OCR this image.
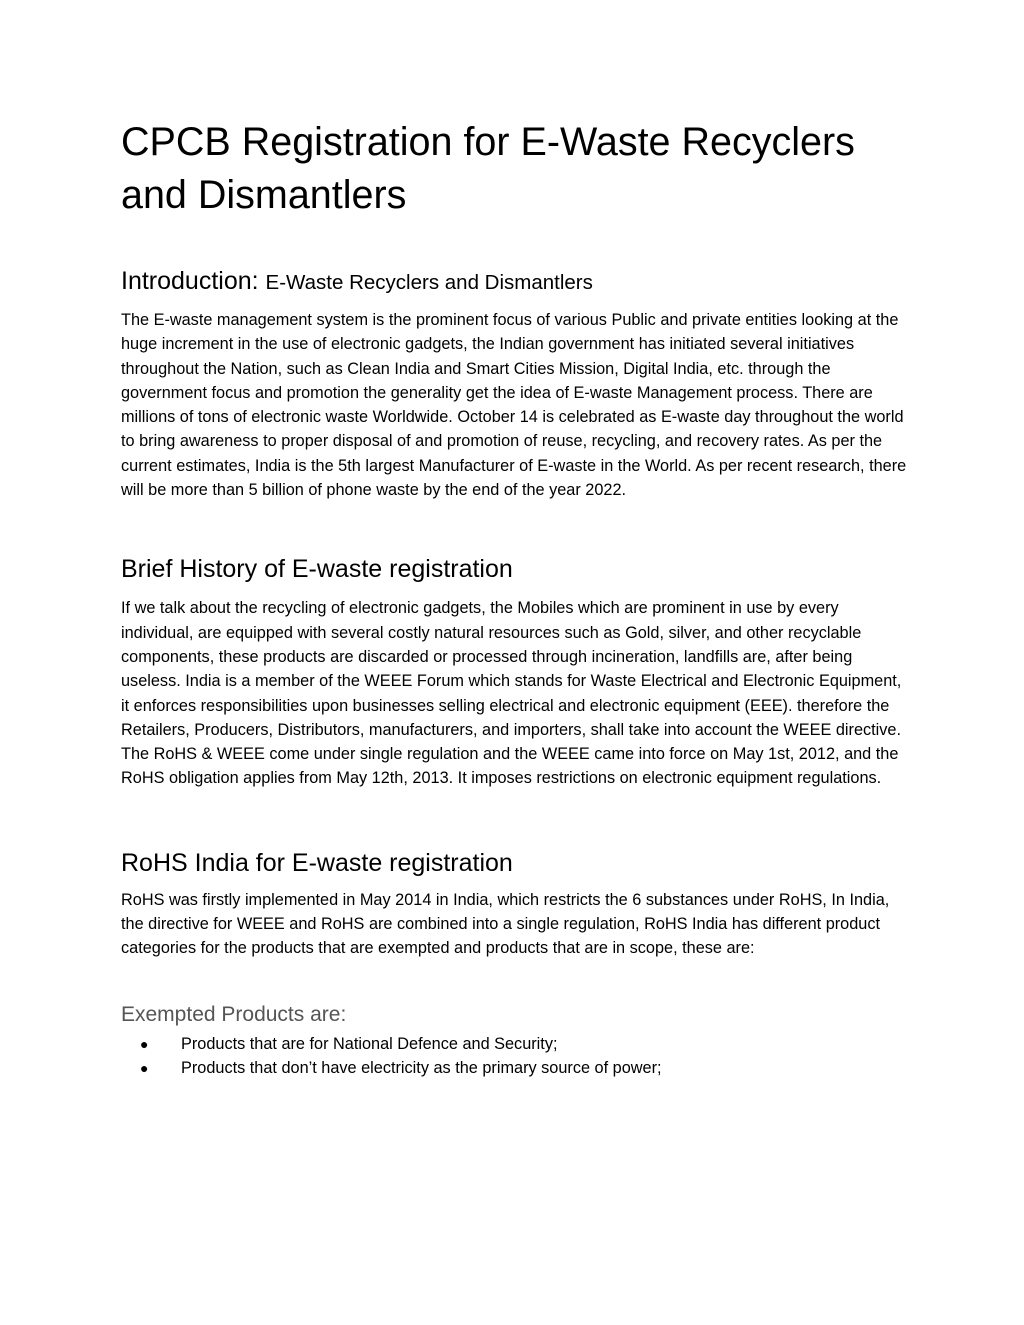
CPCB Registration for E-Waste Recyclers and Dismantlers
Introduction: E-Waste Recyclers and Dismantlers

The E-waste management system is the prominent focus of various Public and private entities looking at the huge increment in the use of electronic gadgets, the Indian government has initiated several initiatives throughout the Nation, such as Clean India and Smart Cities Mission, Digital India, etc. through the government focus and promotion the generality get the idea of E-waste Management process. There are millions of tons of electronic waste Worldwide. October 14 is celebrated as E-waste day throughout the world to bring awareness to proper disposal of and promotion of reuse, recycling, and recovery rates. As per the current estimates, India is the 5th largest Manufacturer of E-waste in the World. As per recent research, there will be more than 5 billion of phone waste by the end of the year 2022.

Brief History of E-waste registration

If we talk about the recycling of electronic gadgets, the Mobiles which are prominent in use by every individual, are equipped with several costly natural resources such as Gold, silver, and other recyclable components, these products are discarded or processed through incineration, landfills are, after being useless. India is a member of the WEEE Forum which stands for Waste Electrical and Electronic Equipment, it enforces responsibilities upon businesses selling electrical and electronic equipment (EEE). therefore the Retailers, Producers, Distributors, manufacturers, and importers, shall take into account the WEEE directive. The RoHS & WEEE come under single regulation and the WEEE came into force on May 1st, 2012, and the RoHS obligation applies from May 12th, 2013. It imposes restrictions on electronic equipment regulations.

RoHS India for E-waste registration

RoHS was firstly implemented in May 2014 in India, which restricts the 6 substances under RoHS, In India, the directive for WEEE and RoHS are combined into a single regulation, RoHS India has different product categories for the products that are exempted and products that are in scope, these are:

Exempted Products are:
● Products that are for National Defence and Security;
● Products that don’t have electricity as the primary source of power;
